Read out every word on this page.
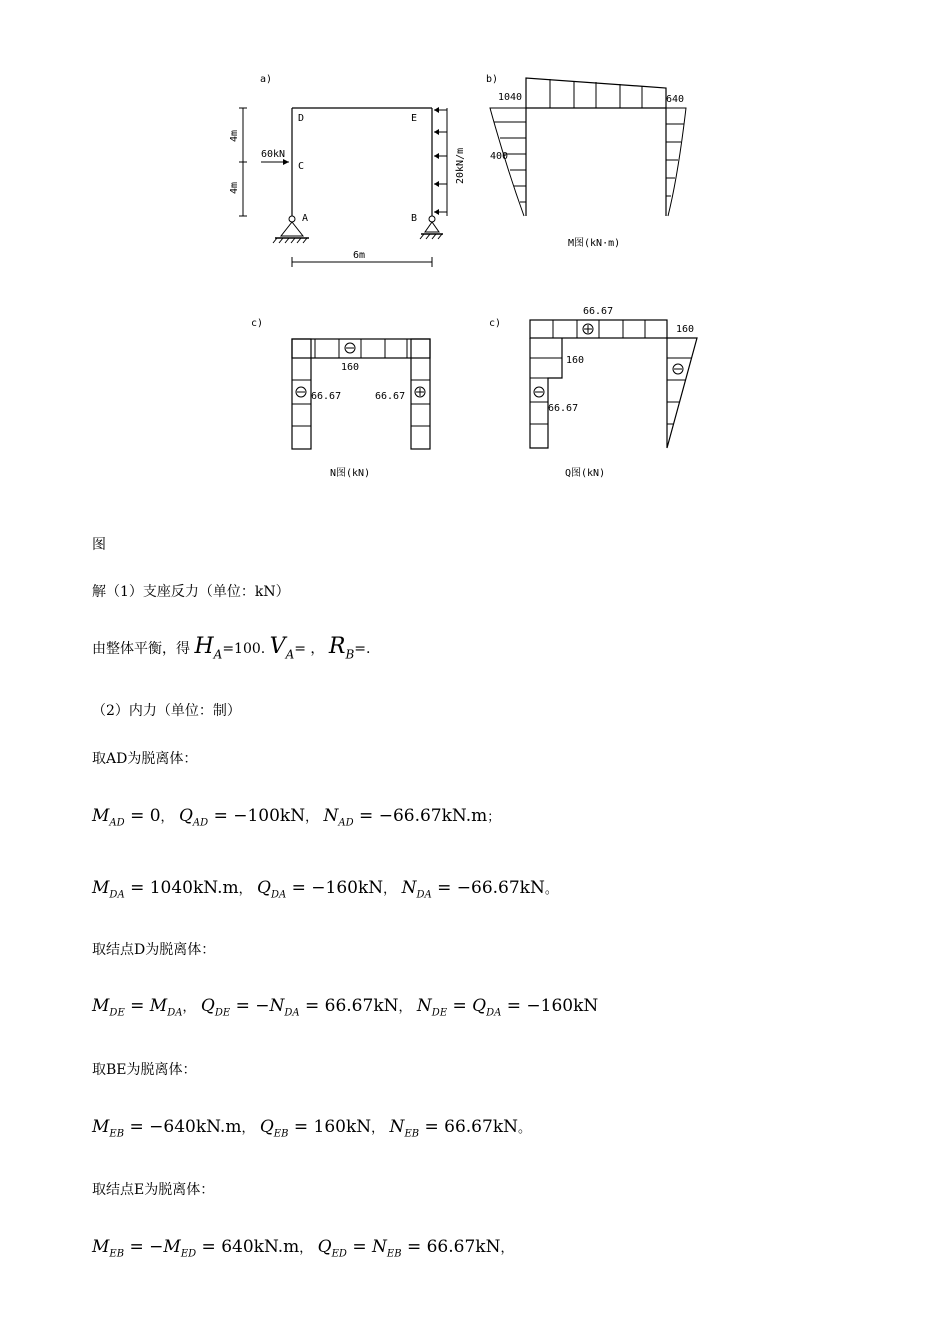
a)
D	E
C
A	B
4m
4m
60kN	20kN/m
6m
b)
1040	640
400
M图(kN·m)
c)
160
66.67	66.67
N图(kN)
c)
66.67
160
66.67
160
Q图(kN)
图
解（1）支座反力（单位：kN）
由整体平衡，得 $H_A=100$. $V_A=$ ， $R_B=$.
（2）内力（单位：制）
取AD为脱离体：
$M_{AD} = 0$， $Q_{AD} = -100kN$， $N_{AD} = -66.67kN.m$；
$M_{DA} = 1040kN.m$， $Q_{DA} = -160kN$， $N_{DA} = -66.67kN$。
取结点D为脱离体：
$M_{DE} = M_{DA}$， $Q_{DE} = -N_{DA} = 66.67kN$， $N_{DE} = Q_{DA} = -160kN$
取BE为脱离体：
$M_{EB} = -640kN.m$， $Q_{EB} = 160kN$， $N_{EB} = 66.67kN$。
取结点E为脱离体：
$M_{EB} = -M_{ED} = 640kN.m$， $Q_{ED} = N_{EB} = 66.67kN$，
